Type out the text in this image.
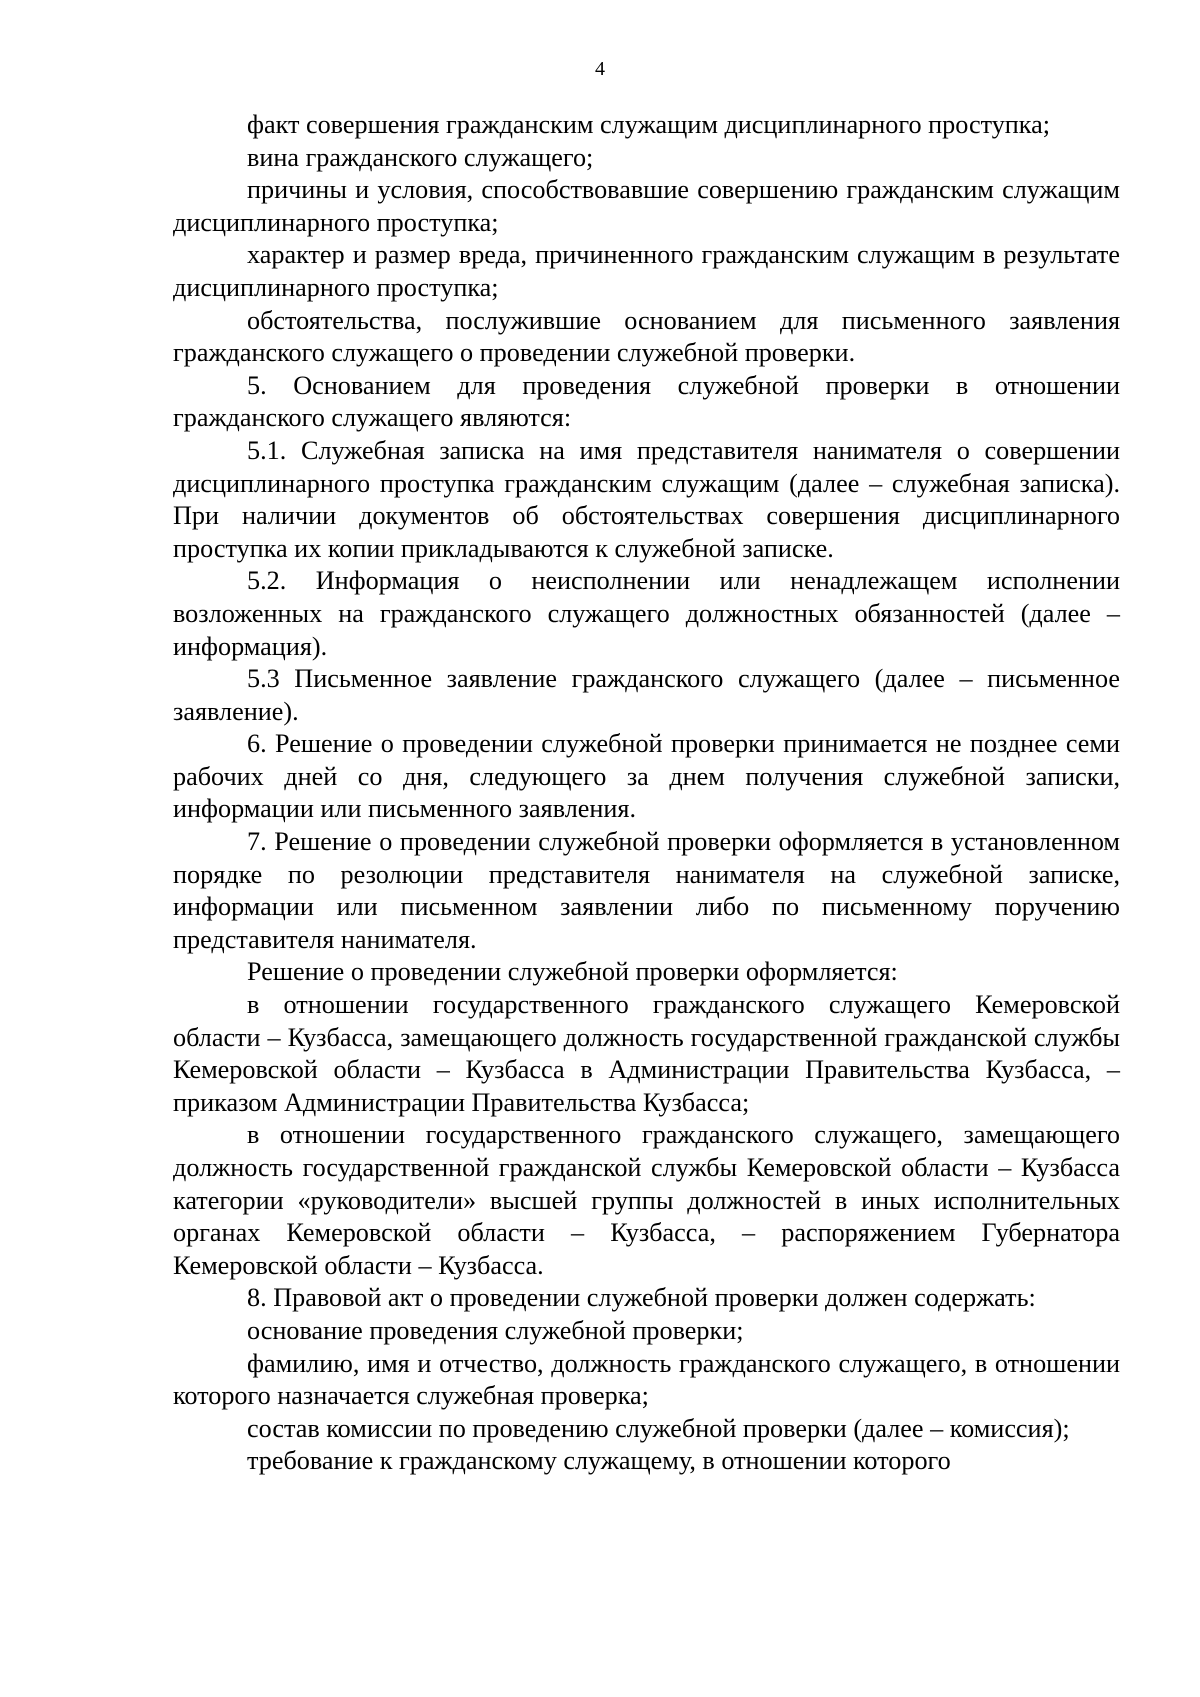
4

факт совершения гражданским служащим дисциплинарного проступка;

вина гражданского служащего;

причины и условия, способствовавшие совершению гражданским служащим дисциплинарного проступка;

характер и размер вреда, причиненного гражданским служащим в результате дисциплинарного проступка;

обстоятельства, послужившие основанием для письменного заявления гражданского служащего о проведении служебной проверки.

5. Основанием для проведения служебной проверки в отношении гражданского служащего являются:

5.1. Служебная записка на имя представителя нанимателя о совершении дисциплинарного проступка гражданским служащим (далее – служебная записка). При наличии документов об обстоятельствах совершения дисциплинарного проступка их копии прикладываются к служебной записке.

5.2. Информация о неисполнении или ненадлежащем исполнении возложенных на гражданского служащего должностных обязанностей (далее – информация).

5.3 Письменное заявление гражданского служащего (далее – письменное заявление).

6. Решение о проведении служебной проверки принимается не позднее семи рабочих дней со дня, следующего за днем получения служебной записки, информации или письменного заявления.

7. Решение о проведении служебной проверки оформляется в установленном порядке по резолюции представителя нанимателя на служебной записке, информации или письменном заявлении либо по письменному поручению представителя нанимателя.

Решение о проведении служебной проверки оформляется:

в отношении государственного гражданского служащего Кемеровской области – Кузбасса, замещающего должность государственной гражданской службы Кемеровской области – Кузбасса в Администрации Правительства Кузбасса, – приказом Администрации Правительства Кузбасса;

в отношении государственного гражданского служащего, замещающего должность государственной гражданской службы Кемеровской области – Кузбасса категории «руководители» высшей группы должностей в иных исполнительных органах Кемеровской области – Кузбасса, – распоряжением Губернатора Кемеровской области – Кузбасса.

8. Правовой акт о проведении служебной проверки должен содержать:

основание проведения служебной проверки;

фамилию, имя и отчество, должность гражданского служащего, в отношении которого назначается служебная проверка;

состав комиссии по проведению служебной проверки (далее – комиссия);

требование к гражданскому служащему, в отношении которого
